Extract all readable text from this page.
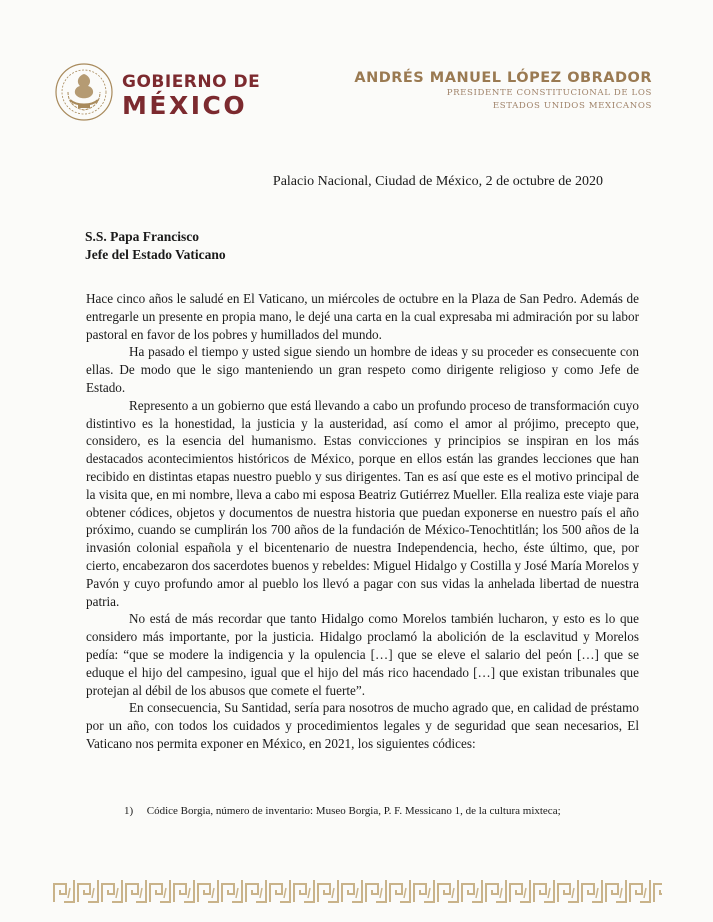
GOBIERNO DE
MÉXICO
ANDRÉS MANUEL LÓPEZ OBRADOR
PRESIDENTE CONSTITUCIONAL DE LOS
ESTADOS UNIDOS MEXICANOS
Palacio Nacional, Ciudad de México, 2 de octubre de 2020
S.S. Papa Francisco
Jefe del Estado Vaticano

Hace cinco años le saludé en El Vaticano, un miércoles de octubre en la Plaza de San Pedro. Además de entregarle un presente en propia mano, le dejé una carta en la cual expresaba mi admiración por su labor pastoral en favor de los pobres y humillados del mundo.

Ha pasado el tiempo y usted sigue siendo un hombre de ideas y su proceder es consecuente con ellas. De modo que le sigo manteniendo un gran respeto como dirigente religioso y como Jefe de Estado.

Represento a un gobierno que está llevando a cabo un profundo proceso de transformación cuyo distintivo es la honestidad, la justicia y la austeridad, así como el amor al prójimo, precepto que, considero, es la esencia del humanismo. Estas convicciones y principios se inspiran en los más destacados acontecimientos históricos de México, porque en ellos están las grandes lecciones que han recibido en distintas etapas nuestro pueblo y sus dirigentes. Tan es así que este es el motivo principal de la visita que, en mi nombre, lleva a cabo mi esposa Beatriz Gutiérrez Mueller. Ella realiza este viaje para obtener códices, objetos y documentos de nuestra historia que puedan exponerse en nuestro país el año próximo, cuando se cumplirán los 700 años de la fundación de México-Tenochtitlán; los 500 años de la invasión colonial española y el bicentenario de nuestra Independencia, hecho, éste último, que, por cierto, encabezaron dos sacerdotes buenos y rebeldes: Miguel Hidalgo y Costilla y José María Morelos y Pavón y cuyo profundo amor al pueblo los llevó a pagar con sus vidas la anhelada libertad de nuestra patria.

No está de más recordar que tanto Hidalgo como Morelos también lucharon, y esto es lo que considero más importante, por la justicia. Hidalgo proclamó la abolición de la esclavitud y Morelos pedía: “que se modere la indigencia y la opulencia […] que se eleve el salario del peón […] que se eduque el hijo del campesino, igual que el hijo del más rico hacendado […] que existan tribunales que protejan al débil de los abusos que comete el fuerte”.

En consecuencia, Su Santidad, sería para nosotros de mucho agrado que, en calidad de préstamo por un año, con todos los cuidados y procedimientos legales y de seguridad que sean necesarios, El Vaticano nos permita exponer en México, en 2021, los siguientes códices:

1) Códice Borgia, número de inventario: Museo Borgia, P. F. Messicano 1, de la cultura mixteca;
